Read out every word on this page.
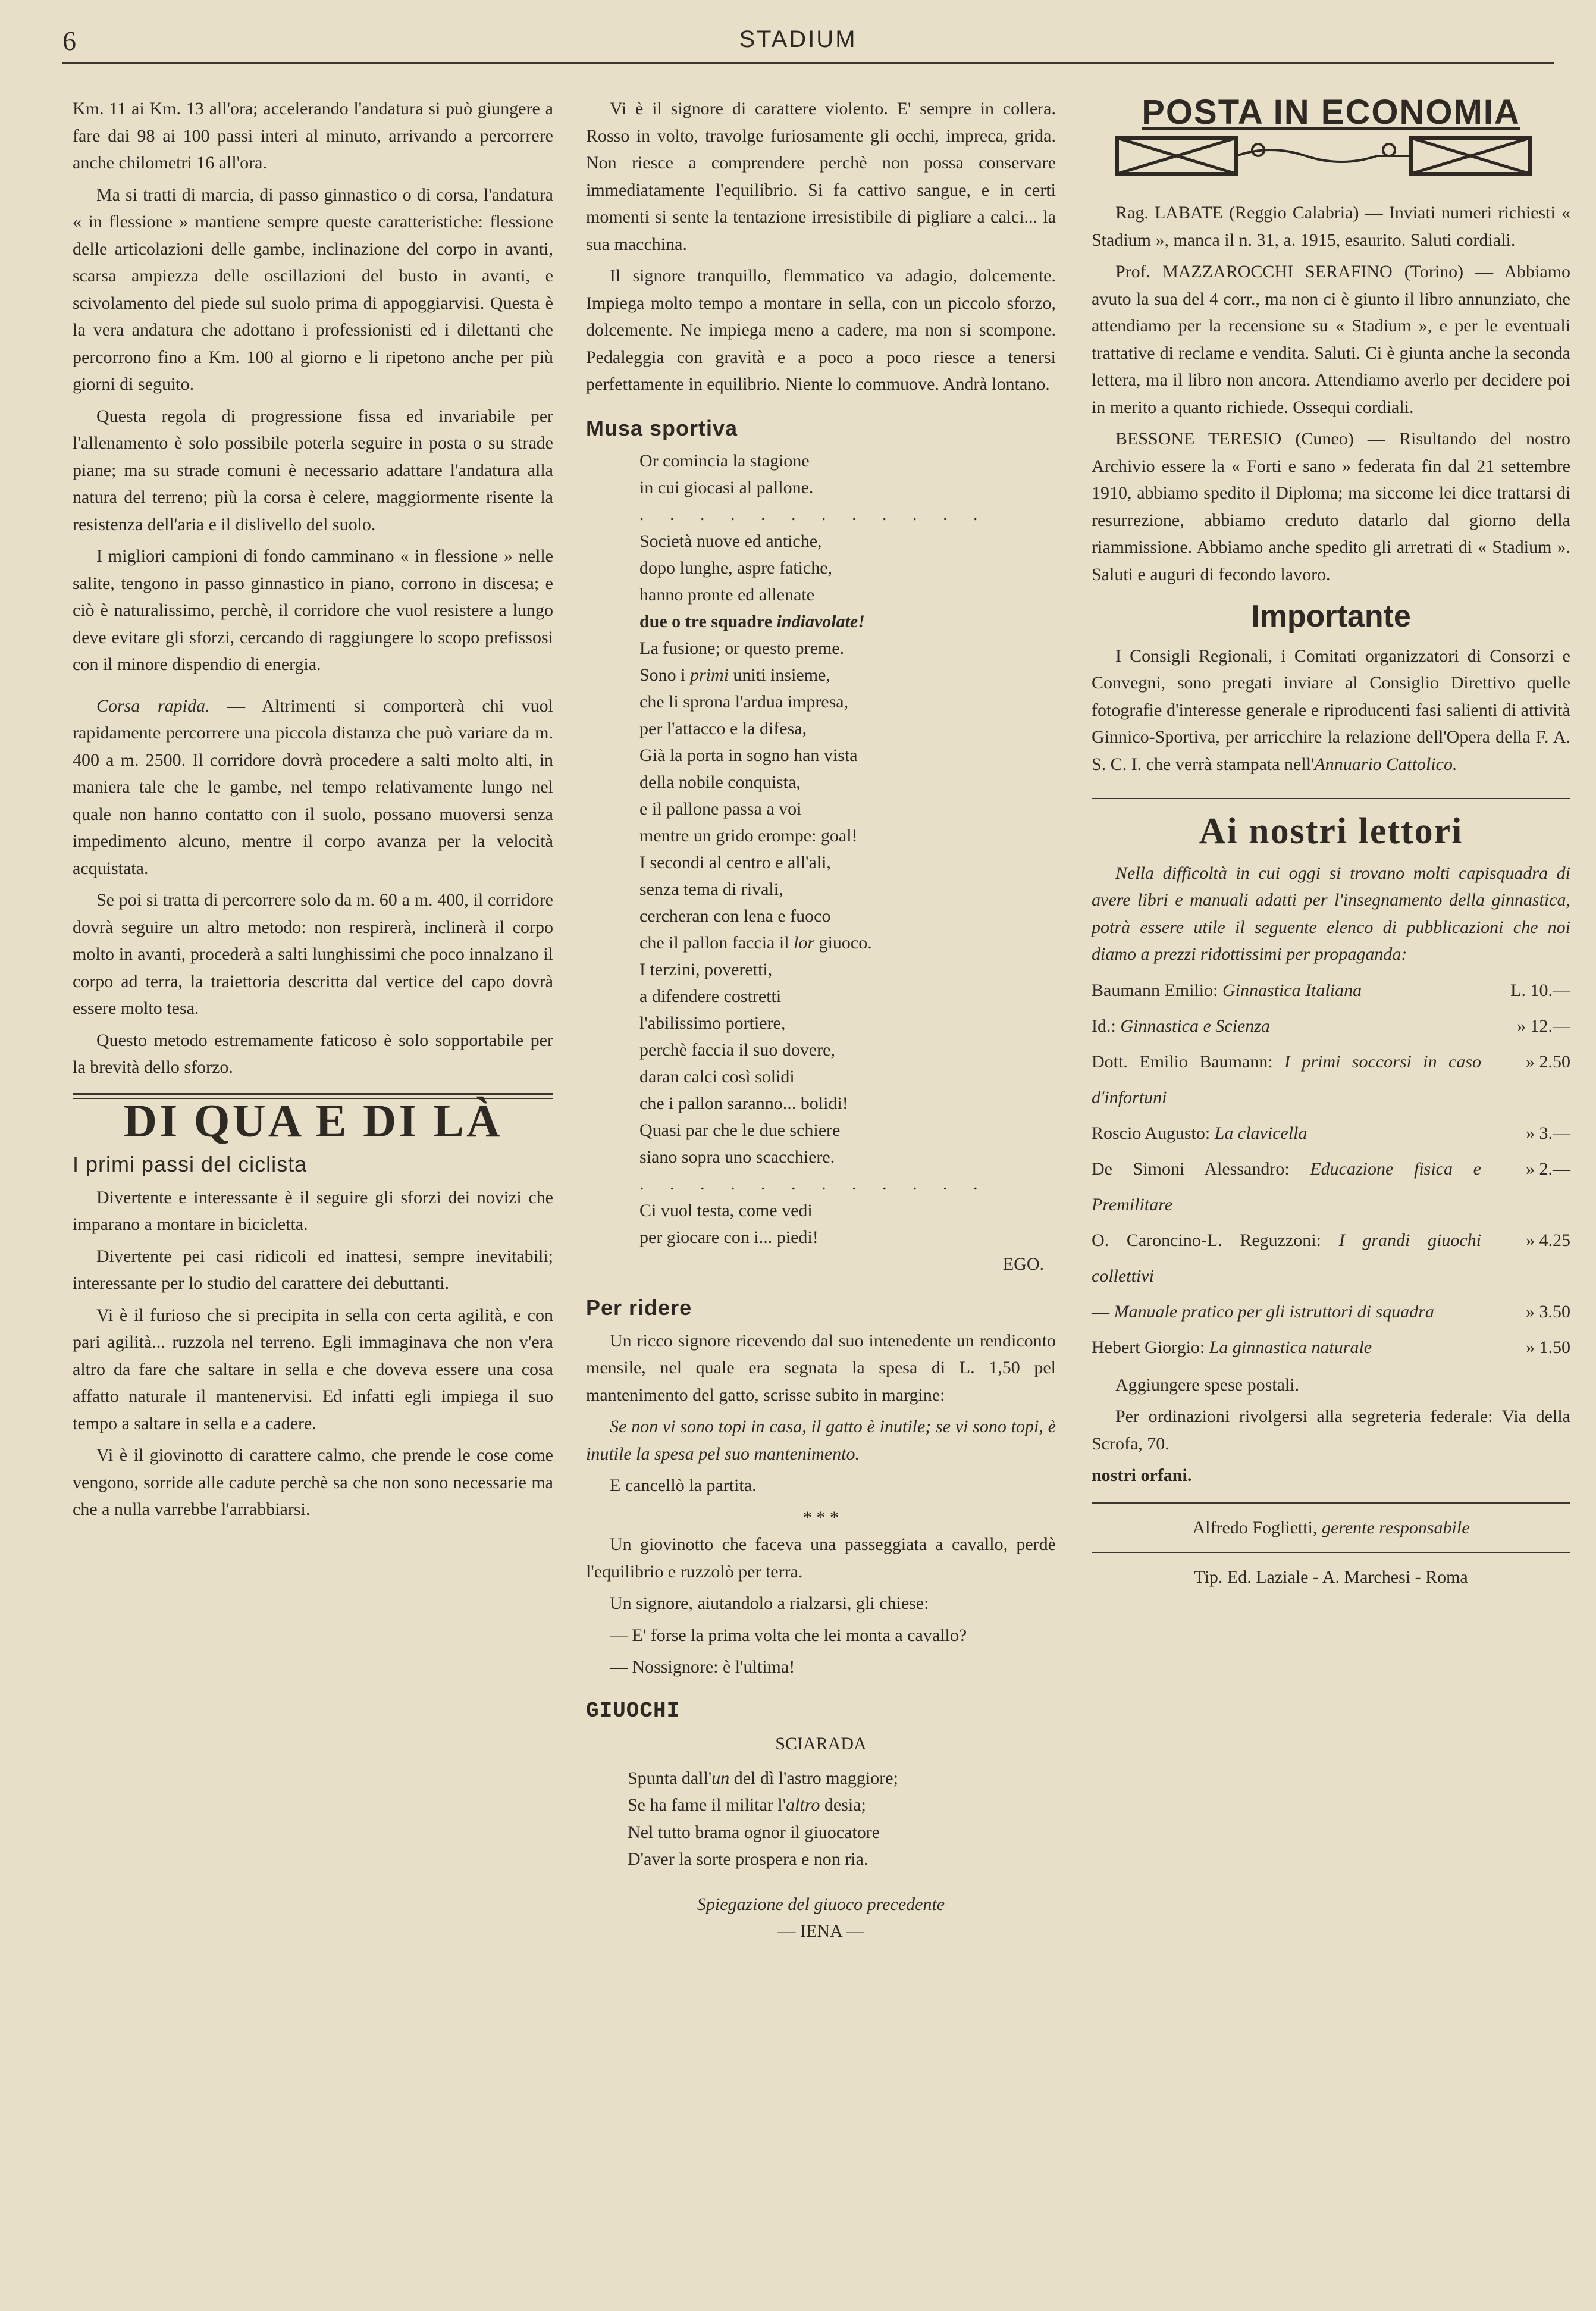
6	STADIUM

Km. 11 ai Km. 13 all'ora; accelerando l'andatura si può giungere a fare dai 98 ai 100 passi interi al minuto, arrivando a percorrere anche chilometri 16 all'ora.

Ma si tratti di marcia, di passo ginnastico o di corsa, l'andatura « in flessione » mantiene sempre queste caratteristiche: flessione delle articolazioni delle gambe, inclinazione del corpo in avanti, scarsa ampiezza delle oscillazioni del busto in avanti, e scivolamento del piede sul suolo prima di appoggiarvisi. Questa è la vera andatura che adottano i professionisti ed i dilettanti che percorrono fino a Km. 100 al giorno e li ripetono anche per più giorni di seguito.

Questa regola di progressione fissa ed invariabile per l'allenamento è solo possibile poterla seguire in posta o su strade piane; ma su strade comuni è necessario adattare l'andatura alla natura del terreno; più la corsa è celere, maggiormente risente la resistenza dell'aria e il dislivello del suolo.

I migliori campioni di fondo camminano « in flessione » nelle salite, tengono in passo ginnastico in piano, corrono in discesa; e ciò è naturalissimo, perchè, il corridore che vuol resistere a lungo deve evitare gli sforzi, cercando di raggiungere lo scopo prefissosi con il minore dispendio di energia.

Corsa rapida. — Altrimenti si comporterà chi vuol rapidamente percorrere una piccola distanza che può variare da m. 400 a m. 2500. Il corridore dovrà procedere a salti molto alti, in maniera tale che le gambe, nel tempo relativamente lungo nel quale non hanno contatto con il suolo, possano muoversi senza impedimento alcuno, mentre il corpo avanza per la velocità acquistata.

Se poi si tratta di percorrere solo da m. 60 a m. 400, il corridore dovrà seguire un altro metodo: non respirerà, inclinerà il corpo molto in avanti, procederà a salti lunghissimi che poco innalzano il corpo ad terra, la traiettoria descritta dal vertice del capo dovrà essere molto tesa.

Questo metodo estremamente faticoso è solo sopportabile per la brevità dello sforzo.

DI QUA E DI LÀ
I primi passi del ciclista

Divertente e interessante è il seguire gli sforzi dei novizi che imparano a montare in bicicletta.

Divertente pei casi ridicoli ed inattesi, sempre inevitabili; interessante per lo studio del carattere dei debuttanti.

Vi è il furioso che si precipita in sella con certa agilità, e con pari agilità... ruzzola nel terreno. Egli immaginava che non v'era altro da fare che saltare in sella e che doveva essere una cosa affatto naturale il mantenervisi. Ed infatti egli impiega il suo tempo a saltare in sella e a cadere.

Vi è il giovinotto di carattere calmo, che prende le cose come vengono, sorride alle cadute perchè sa che non sono necessarie ma che a nulla varrebbe l'arrabbiarsi.

Vi è il signore di carattere violento. E' sempre in collera. Rosso in volto, travolge furiosamente gli occhi, impreca, grida. Non riesce a comprendere perchè non possa conservare immediatamente l'equilibrio. Si fa cattivo sangue, e in certi momenti si sente la tentazione irresistibile di pigliare a calci... la sua macchina.

Il signore tranquillo, flemmatico va adagio, dolcemente. Impiega molto tempo a montare in sella, con un piccolo sforzo, dolcemente. Ne impiega meno a cadere, ma non si scompone. Pedaleggia con gravità e a poco a poco riesce a tenersi perfettamente in equilibrio. Niente lo commuove. Andrà lontano.

Musa sportiva
Or comincia la stagione
in cui giocasi al pallone.
. . . . . . . . . . . .
Società nuove ed antiche,
dopo lunghe, aspre fatiche,
hanno pronte ed allenate
due o tre squadre indiavolate!
La fusione; or questo preme.
Sono i primi uniti insieme,
che li sprona l'ardua impresa,
per l'attacco e la difesa,
Già la porta in sogno han vista
della nobile conquista,
e il pallone passa a voi
mentre un grido erompe: goal!
I secondi al centro e all'ali,
senza tema di rivali,
cercheran con lena e fuoco
che il pallon faccia il lor giuoco.
I terzini, poveretti,
a difendere costretti
l'abilissimo portiere,
perchè faccia il suo dovere,
daran calci così solidi
che i pallon saranno... bolidi!
Quasi par che le due schiere
siano sopra uno scacchiere.
. . . . . . . . . . . .
Ci vuol testa, come vedi
per giocare con i... piedi!
EGO.
Per ridere

Un ricco signore ricevendo dal suo intenedente un rendiconto mensile, nel quale era segnata la spesa di L. 1,50 pel mantenimento del gatto, scrisse subito in margine:

Se non vi sono topi in casa, il gatto è inutile; se vi sono topi, è inutile la spesa pel suo mantenimento.

E cancellò la partita.

* * *

Un giovinotto che faceva una passeggiata a cavallo, perdè l'equilibrio e ruzzolò per terra.

Un signore, aiutandolo a rialzarsi, gli chiese:

— E' forse la prima volta che lei monta a cavallo?

— Nossignore: è l'ultima!

GIUOCHI
SCIARADA
Spunta dall'un del dì l'astro maggiore;
Se ha fame il militar l'altro desia;
Nel tutto brama ognor il giuocatore
D'aver la sorte prospera e non ria.
Spiegazione del giuoco precedente
— IENA —
POSTA IN ECONOMIA

Rag. LABATE (Reggio Calabria) — Inviati numeri richiesti « Stadium », manca il n. 31, a. 1915, esaurito. Saluti cordiali.

Prof. MAZZAROCCHI SERAFINO (Torino) — Abbiamo avuto la sua del 4 corr., ma non ci è giunto il libro annunziato, che attendiamo per la recensione su « Stadium », e per le eventuali trattative di reclame e vendita. Saluti. Ci è giunta anche la seconda lettera, ma il libro non ancora. Attendiamo averlo per decidere poi in merito a quanto richiede. Ossequi cordiali.

BESSONE TERESIO (Cuneo) — Risultando del nostro Archivio essere la « Forti e sano » federata fin dal 21 settembre 1910, abbiamo spedito il Diploma; ma siccome lei dice trattarsi di resurrezione, abbiamo creduto datarlo dal giorno della riammissione. Abbiamo anche spedito gli arretrati di « Stadium ». Saluti e auguri di fecondo lavoro.

Importante

I Consigli Regionali, i Comitati organizzatori di Consorzi e Convegni, sono pregati inviare al Consiglio Direttivo quelle fotografie d'interesse generale e riproducenti fasi salienti di attività Ginnico-Sportiva, per arricchire la relazione dell'Opera della F. A. S. C. I. che verrà stampata nell'Annuario Cattolico.

Ai nostri lettori

Nella difficoltà in cui oggi si trovano molti capisquadra di avere libri e manuali adatti per l'insegnamento della ginnastica, potrà essere utile il seguente elenco di pubblicazioni che noi diamo a prezzi ridottissimi per propaganda:

Baumann Emilio: Ginnastica Italiana	L. 10.—
Id.: Ginnastica e Scienza	» 12.—
Dott. Emilio Baumann: I primi soccorsi in caso d'infortuni
» 2.50
Roscio Augusto: La clavicella	» 3.—
De Simoni Alessandro: Educazione fisica e Premilitare
» 2.—
O. Caroncino-L. Reguzzoni: I grandi giuochi collettivi
» 4.25
— Manuale pratico per gli istruttori di squadra	» 3.50
Hebert Giorgio: La ginnastica naturale	» 1.50

Aggiungere spese postali.

Per ordinazioni rivolgersi alla segreteria federale: Via della Scrofa, 70.

nostri orfani.

Alfredo Foglietti, gerente responsabile
Tip. Ed. Laziale - A. Marchesi - Roma
